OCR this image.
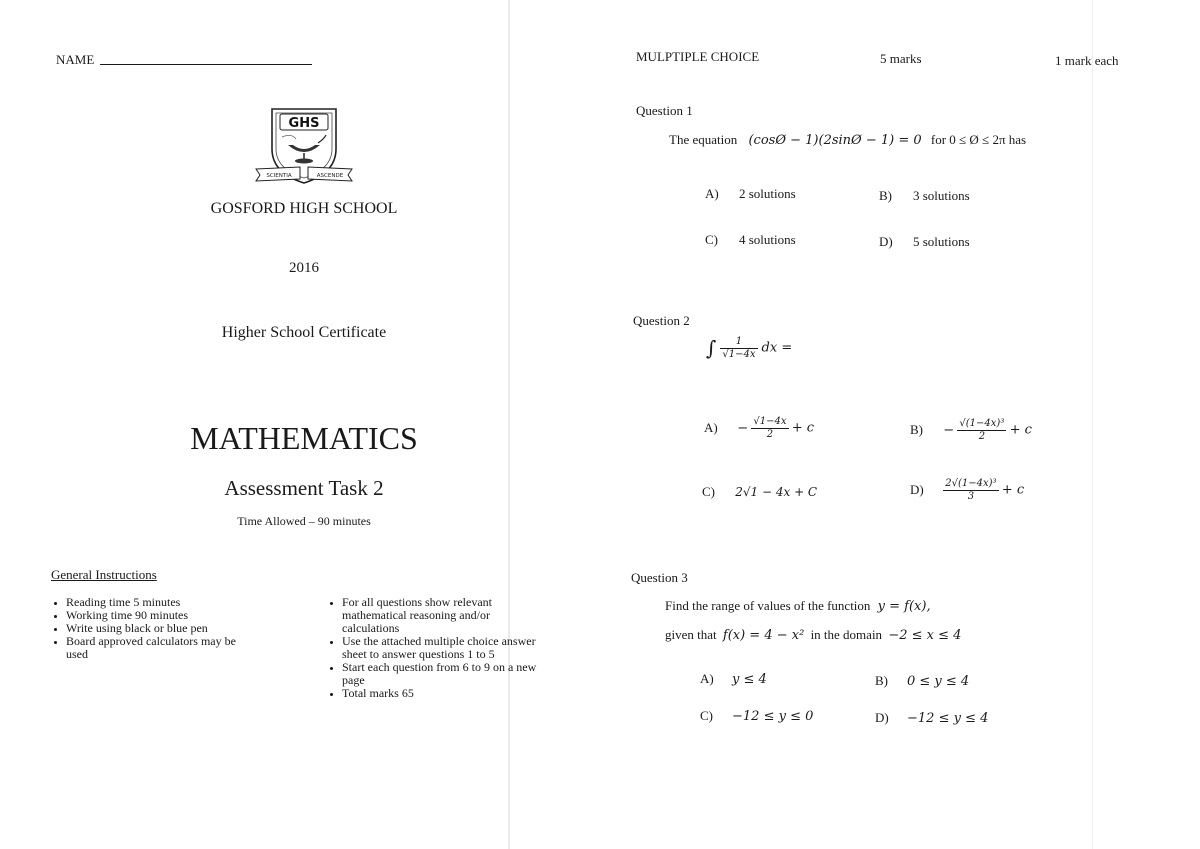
NAME
GHS
SCIENTIA	ASCENDE
GOSFORD HIGH SCHOOL
2016
Higher School Certificate
MATHEMATICS
Assessment Task 2
Time Allowed – 90 minutes
General Instructions
• Reading time 5 minutes
• Working time 90 minutes
• Write using black or blue pen
• Board approved calculators may be used
• For all questions show relevant mathematical reasoning and/or calculations
• Use the attached multiple choice answer sheet to answer questions 1 to 5
• Start each question from 6 to 9 on a new page
• Total marks 65
MULPTIPLE CHOICE	5 marks	1 mark each
Question 1
The equation (cosØ − 1)(2sinØ − 1) = 0 for 0 ≤ Ø ≤ 2π has
A) 2 solutions	B) 3 solutions
C) 4 solutions	D) 5 solutions
Question 2
∫ $\frac{1}{√1-4x}$ dx =
$A) - \frac{√1-4x}{2} + c$	$B) - \frac{\text{√(1−4x)³}}{2} + c$
C) 2√1 − 4x + C	$D) \frac{\text{2√(1−4x)³}}{3} + c$
Question 3
Find the range of values of the function y = f(x),
given that f(x) = 4 − x² in the domain −2 ≤ x ≤ 4
A) y ≤ 4	B) 0 ≤ y ≤ 4
C) −12 ≤ y ≤ 0	D) −12 ≤ y ≤ 4
